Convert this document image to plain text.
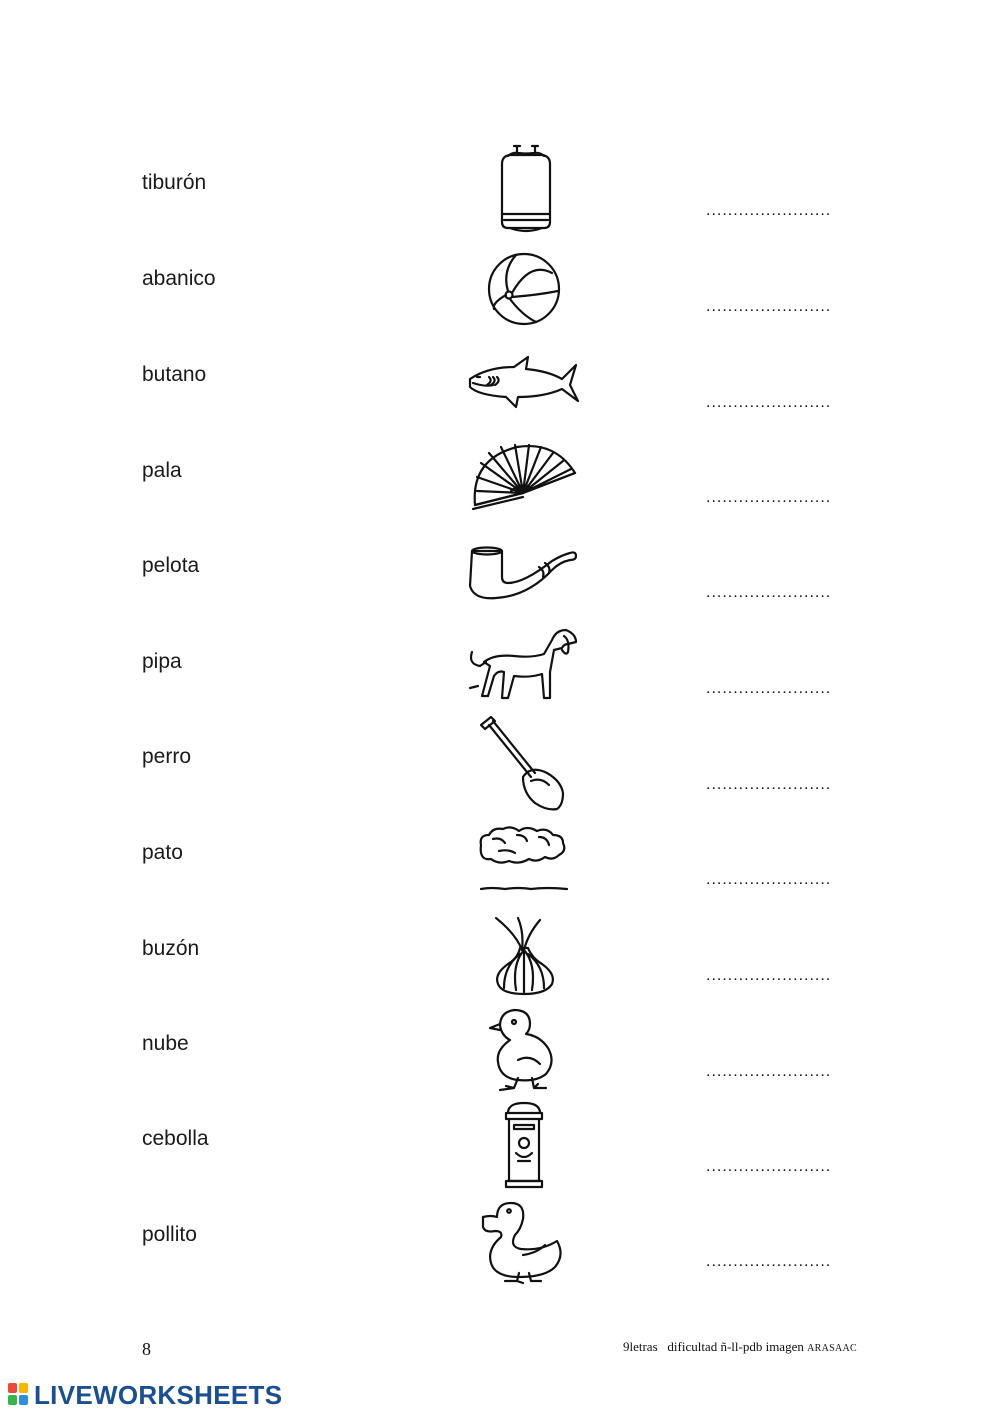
tiburón
abanico
butano
pala
pelota
pipa
perro
pato
buzón
nube
cebolla
pollito
.......................
.......................
.......................
.......................
.......................
.......................
.......................
.......................
.......................
.......................
.......................
.......................
8	9letras   dificultad ñ-ll-pdb imagen ARASAAC
LIVEWORKSHEETS
